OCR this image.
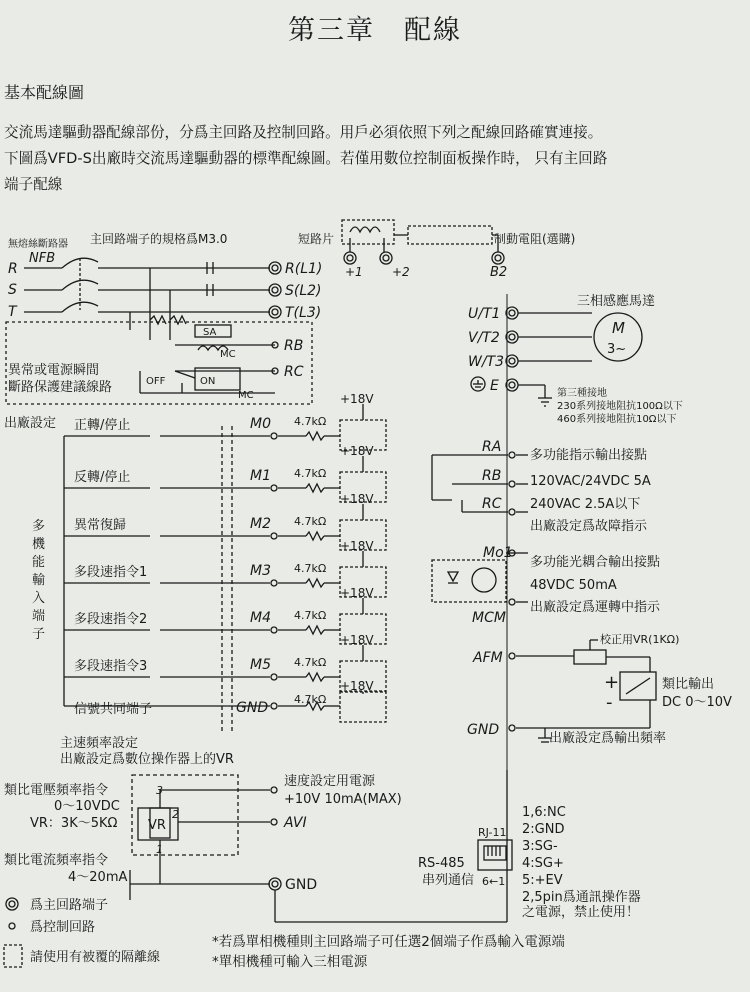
第三章　配線
基本配線圖
交流馬達驅動器配線部份，分爲主回路及控制回路。用戶必須依照下列之配線回路確實連接。
下圖爲VFD-S出廠時交流馬達驅動器的標準配線圖。若僅用數位控制面板操作時， 只有主回路
端子配線
無熔絲斷路器
NFB
R
S
T
主回路端子的規格爲M3.0
R(L1)
S(L2)
T(L3)
SA
MC
OFF	ON
MC
異常或電源瞬間
斷路保護建議線路
RB
RC
短路片	制動電阻(選購)
+1 +2	B2
U/T1
V/T2
W/T3
E
三相感應馬達
M
3~
第三種接地
230系列接地阻抗100Ω以下
460系列接地阻抗10Ω以下
出廠設定
多
機
能
輸
入
端
子
正轉/停止
反轉/停止
異常復歸
多段速指令1
多段速指令2
多段速指令3
信號共同端子
M0
M1
M2
M3
M4
M5
GND
4.7kΩ
4.7kΩ
4.7kΩ
4.7kΩ
4.7kΩ
4.7kΩ
4.7kΩ
+18V
+18V
+18V
+18V
+18V
+18V
+18V
RA
RB
RC
多功能指示輸出接點
120VAC/24VDC 5A
240VAC 2.5A以下
出廠設定爲故障指示
Mo1
MCM
多功能光耦合輸出接點
48VDC 50mA
出廠設定爲運轉中指示
AFM
GND
校正用VR(1KΩ)
+
-
類比輸出
DC 0～10V
出廠設定爲輸出頻率
主速頻率設定
出廠設定爲數位操作器上的VR
VR
3
2
1
類比電壓頻率指令
0～10VDC
VR：3K～5KΩ
類比電流頻率指令
4～20mA
速度設定用電源
+10V 10mA(MAX)
AVI
GND
RJ-11
6←1
RS-485
串列通信
1,6:NC
2:GND
3:SG-
4:SG+
5:+EV
2,5pin爲通訊操作器
之電源，禁止使用！
爲主回路端子
爲控制回路
請使用有被覆的隔離線
*若爲單相機種則主回路端子可任選2個端子作爲輸入電源端
*單相機種可輸入三相電源
